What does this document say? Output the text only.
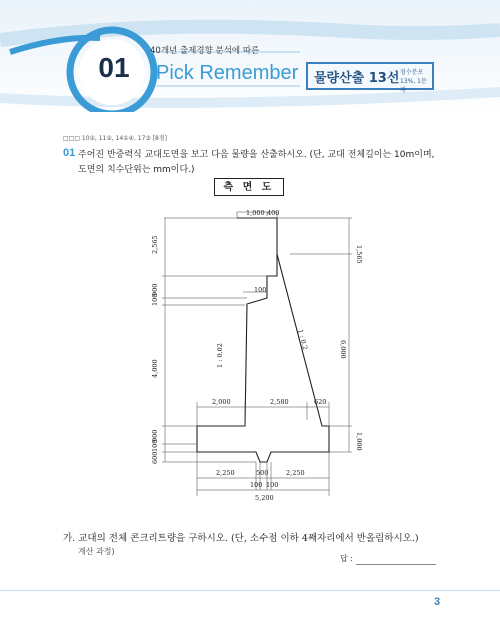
40개년 출제경향 분석에 따른
01	Pick Remember 물량산출 13선 점수분포
13%, 1문제
□□□ 10②, 11②, 14①④, 17③ [8점]
01 주어진 반중력식 교대도면을 보고 다음 물량을 산출하시오. (단, 교대 전체길이는 10m이며,
도면의 치수단위는 mm이다.)
측 면 도
1,000 400
2,565
1,565
900
100
100
1 : 0.2
1 : 0.02
4,000
6,000
2,000	2,580	620
900
100	1,000
600
2,250	500	2,250
100 100
5,200
가. 교대의 전체 콘크리트량을 구하시오. (단, 소수점 이하 4째자리에서 반올림하시오.)
계산 과정)
답 :
3
